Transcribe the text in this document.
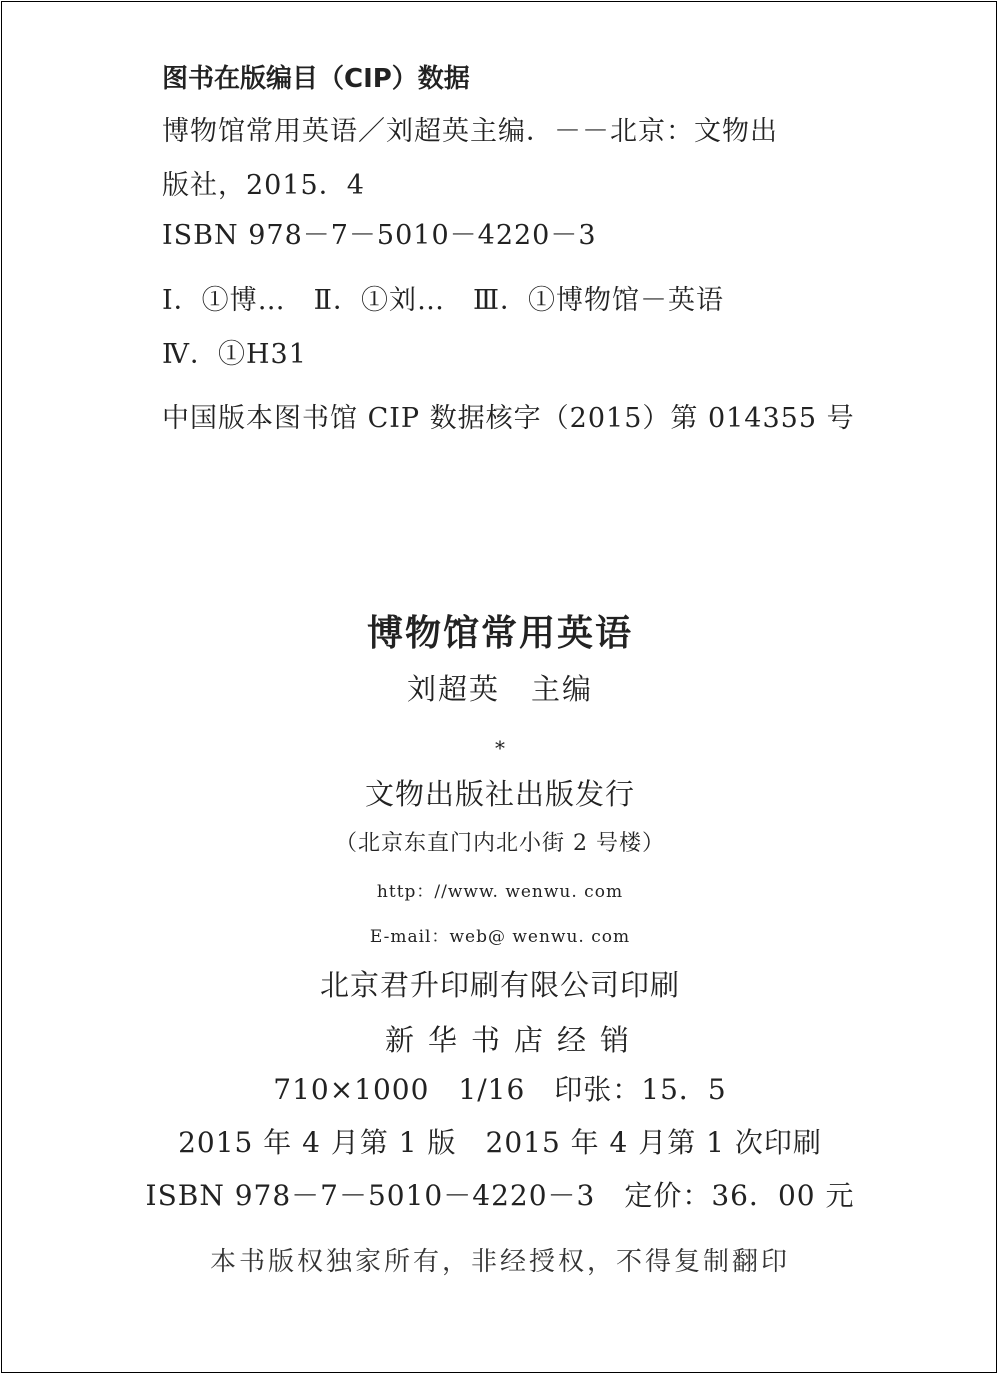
图书在版编目（CIP）数据
博物馆常用英语／刘超英主编．－－北京：文物出
版社，2015．4
ISBN 978－7－5010－4220－3
Ⅰ．①博…　Ⅱ．①刘…　Ⅲ．①博物馆－英语
Ⅳ．①H31
中国版本图书馆 CIP 数据核字（2015）第 014355 号
博物馆常用英语
刘超英　主编
*
文物出版社出版发行
（北京东直门内北小街 2 号楼）
http：//www. wenwu. com
E-mail：web@ wenwu. com
北京君升印刷有限公司印刷
新华书店经销
710×1000　1/16　印张：15．5
2015 年 4 月第 1 版　2015 年 4 月第 1 次印刷
ISBN 978－7－5010－4220－3　定价：36．00 元
本书版权独家所有，非经授权，不得复制翻印
